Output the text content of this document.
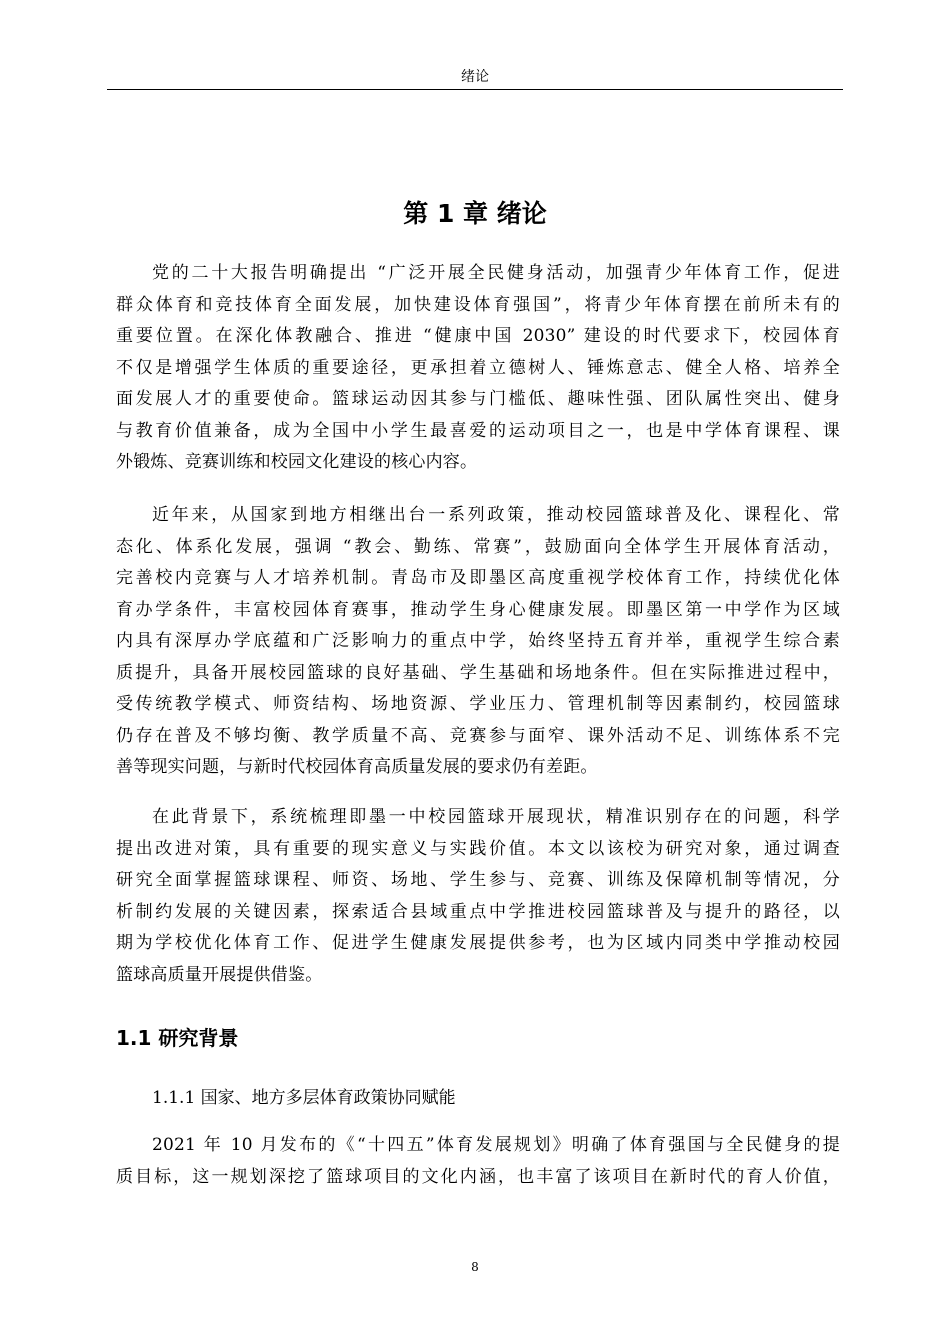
绪论
第 1 章 绪论
党的二十大报告明确提出 “广泛开展全民健身活动，加强青少年体育工作，促进
群众体育和竞技体育全面发展，加快建设体育强国”，将青少年体育摆在前所未有的
重要位置。在深化体教融合、推进 “健康中国 2030” 建设的时代要求下，校园体育
不仅是增强学生体质的重要途径，更承担着立德树人、锤炼意志、健全人格、培养全
面发展人才的重要使命。篮球运动因其参与门槛低、趣味性强、团队属性突出、健身
与教育价值兼备，成为全国中小学生最喜爱的运动项目之一，也是中学体育课程、课
外锻炼、竞赛训练和校园文化建设的核心内容。
近年来，从国家到地方相继出台一系列政策，推动校园篮球普及化、课程化、常
态化、体系化发展，强调 “教会、勤练、常赛”，鼓励面向全体学生开展体育活动，
完善校内竞赛与人才培养机制。青岛市及即墨区高度重视学校体育工作，持续优化体
育办学条件，丰富校园体育赛事，推动学生身心健康发展。即墨区第一中学作为区域
内具有深厚办学底蕴和广泛影响力的重点中学，始终坚持五育并举，重视学生综合素
质提升，具备开展校园篮球的良好基础、学生基础和场地条件。但在实际推进过程中，
受传统教学模式、师资结构、场地资源、学业压力、管理机制等因素制约，校园篮球
仍存在普及不够均衡、教学质量不高、竞赛参与面窄、课外活动不足、训练体系不完
善等现实问题，与新时代校园体育高质量发展的要求仍有差距。
在此背景下，系统梳理即墨一中校园篮球开展现状，精准识别存在的问题，科学
提出改进对策，具有重要的现实意义与实践价值。本文以该校为研究对象，通过调查
研究全面掌握篮球课程、师资、场地、学生参与、竞赛、训练及保障机制等情况，分
析制约发展的关键因素，探索适合县域重点中学推进校园篮球普及与提升的路径，以
期为学校优化体育工作、促进学生健康发展提供参考，也为区域内同类中学推动校园
篮球高质量开展提供借鉴。
1.1 研究背景
1.1.1 国家、地方多层体育政策协同赋能
2021 年 10 月发布的《“十四五”体育发展规划》明确了体育强国与全民健身的提
质目标，这一规划深挖了篮球项目的文化内涵，也丰富了该项目在新时代的育人价值，
8
